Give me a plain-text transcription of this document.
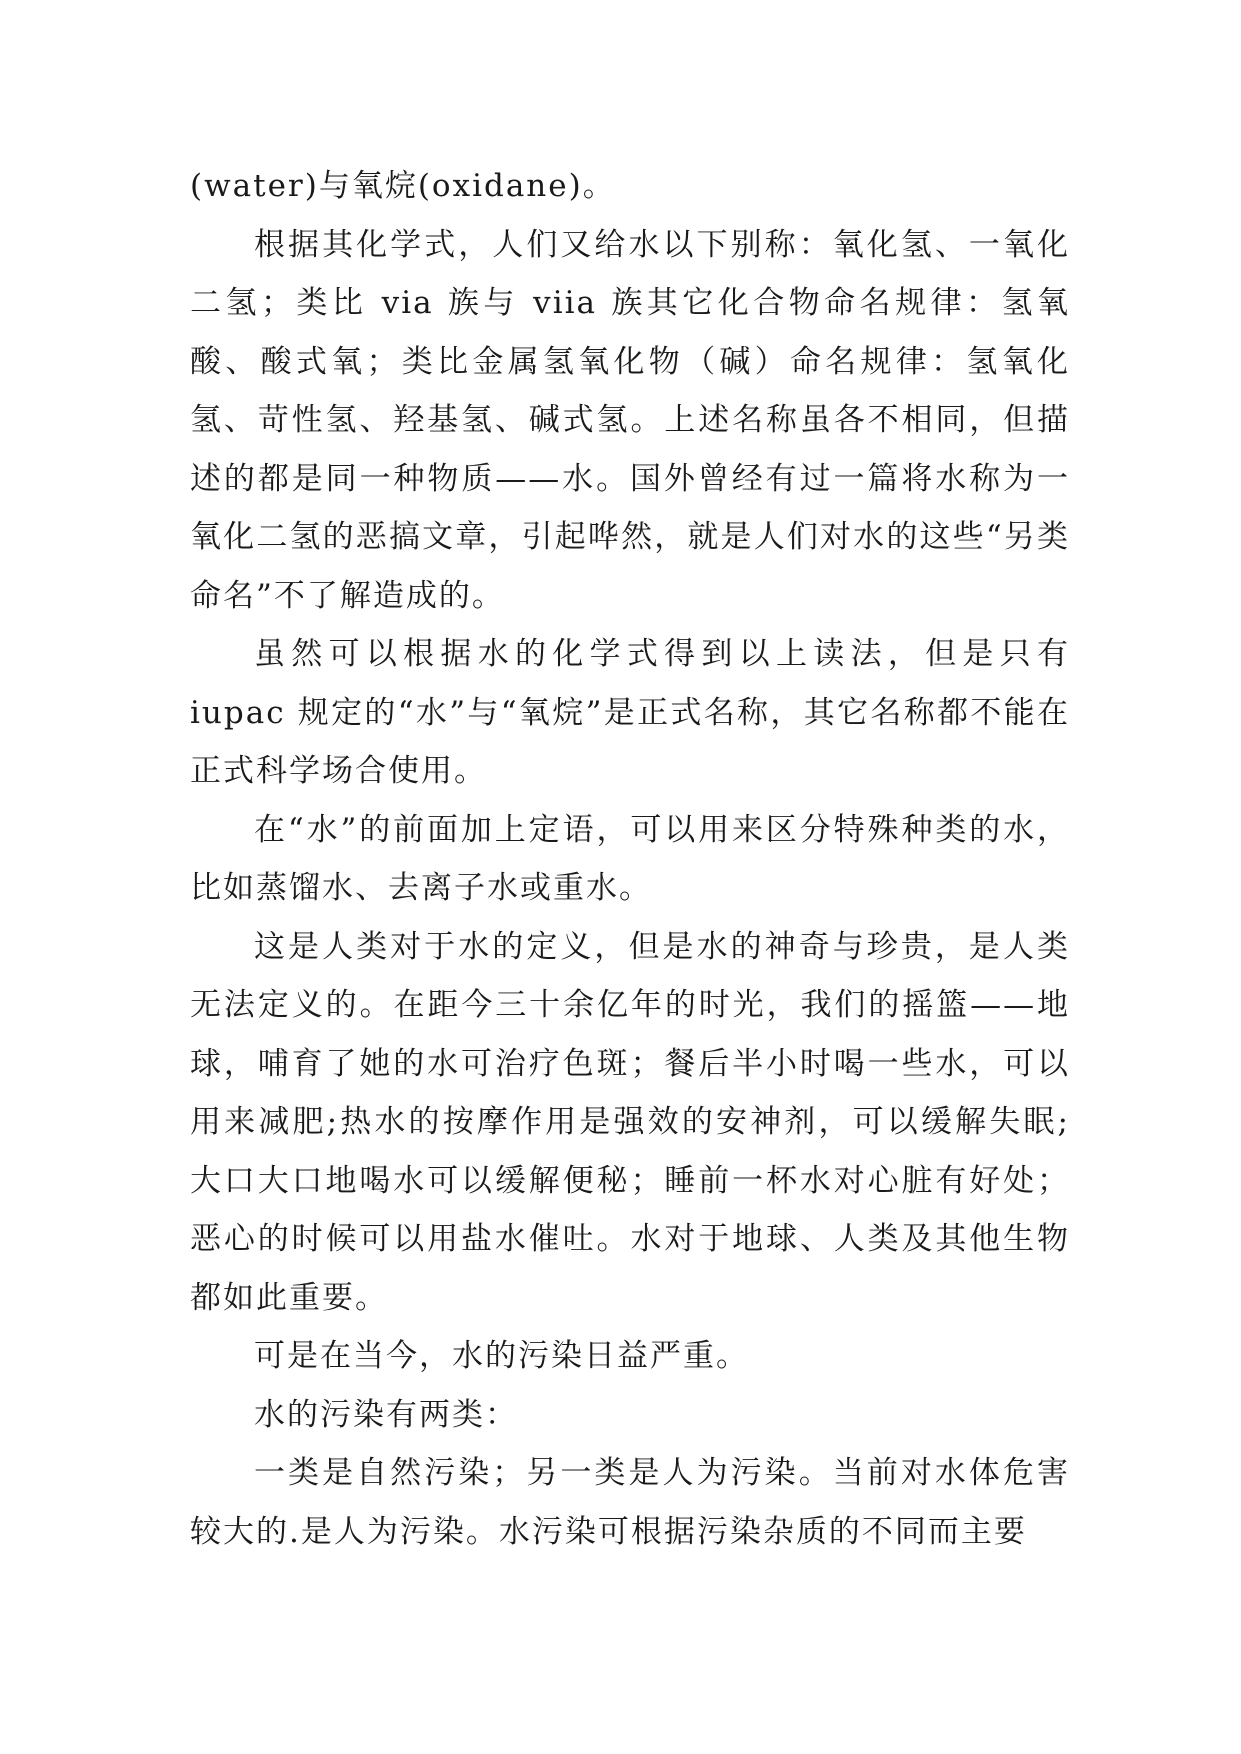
(water)与氧烷(oxidane)。

根据其化学式，人们又给水以下别称：氧化氢、一氧化二氢；类比 via 族与 viia 族其它化合物命名规律：氢氧酸、酸式氧；类比金属氢氧化物（碱）命名规律：氢氧化氢、苛性氢、羟基氢、碱式氢。上述名称虽各不相同，但描述的都是同一种物质——水。国外曾经有过一篇将水称为一氧化二氢的恶搞文章，引起哗然，就是人们对水的这些“另类命名”不了解造成的。

虽然可以根据水的化学式得到以上读法，但是只有 iupac 规定的“水”与“氧烷”是正式名称，其它名称都不能在正式科学场合使用。

在“水”的前面加上定语，可以用来区分特殊种类的水，比如蒸馏水、去离子水或重水。

这是人类对于水的定义，但是水的神奇与珍贵，是人类无法定义的。在距今三十余亿年的时光，我们的摇篮——地球，哺育了她的水可治疗色斑；餐后半小时喝一些水，可以用来减肥;热水的按摩作用是强效的安神剂，可以缓解失眠;大口大口地喝水可以缓解便秘；睡前一杯水对心脏有好处；恶心的时候可以用盐水催吐。水对于地球、人类及其他生物都如此重要。

可是在当今，水的污染日益严重。

水的污染有两类：

一类是自然污染；另一类是人为污染。当前对水体危害较大的.是人为污染。水污染可根据污染杂质的不同而主要
